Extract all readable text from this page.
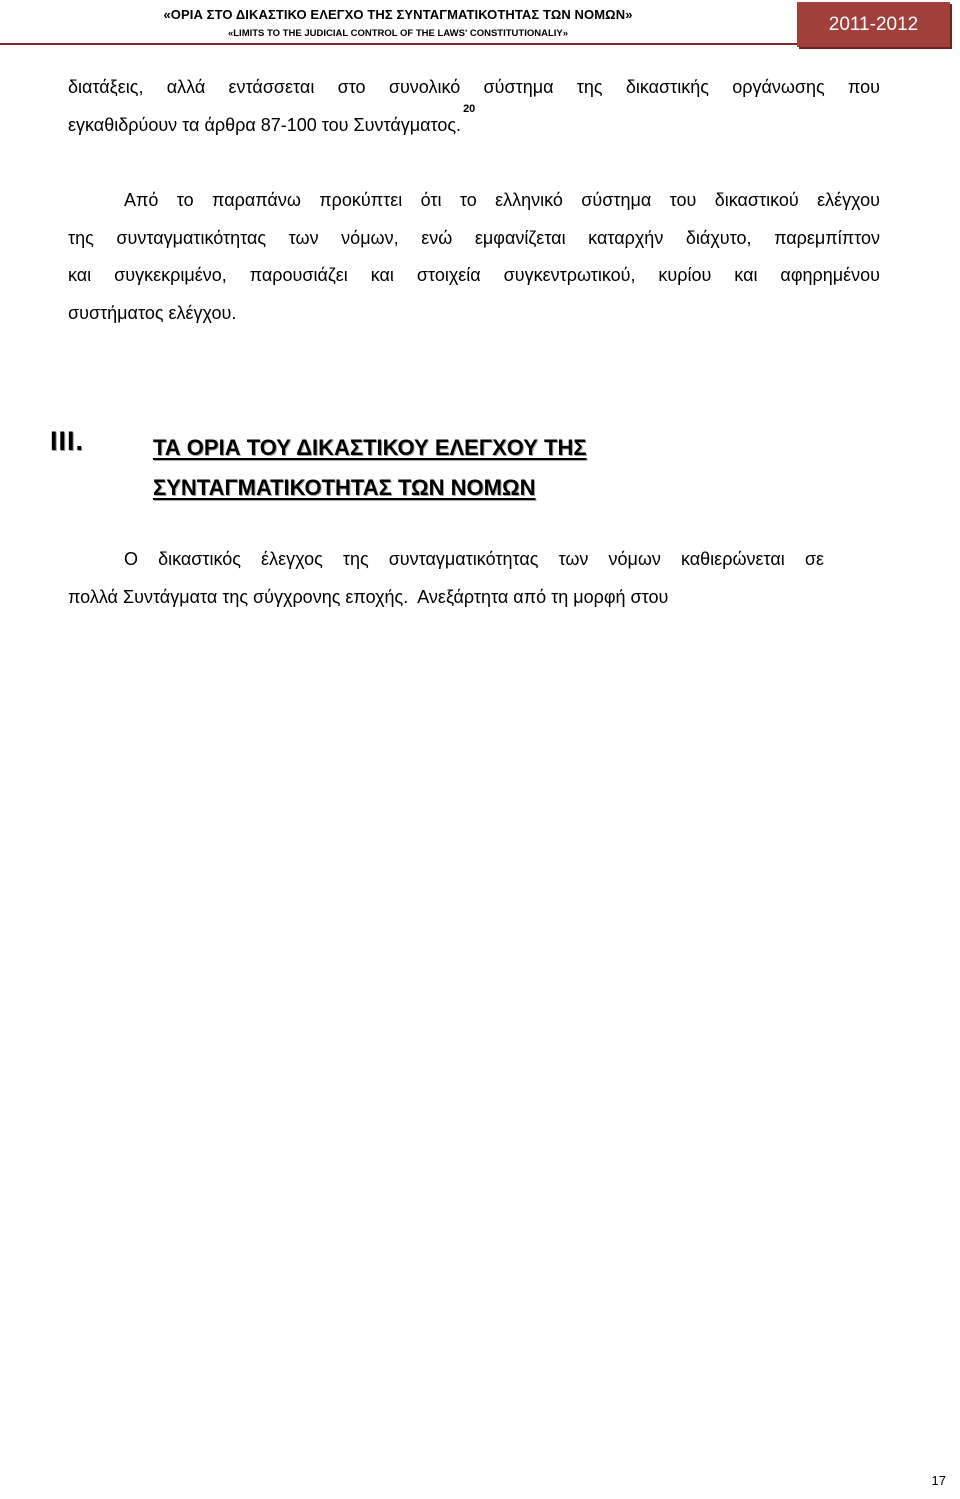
«ΟΡΙΑ ΣΤΟ ΔΙΚΑΣΤΙΚΟ ΕΛΕΓΧΟ ΤΗΣ ΣΥΝΤΑΓΜΑΤΙΚΟΤΗΤΑΣ ΤΩΝ ΝΟΜΩΝ»
«LIMITS TO THE JUDICIAL CONTROL OF THE LAWS' CONSTITUTIONALIY»	2011-2012
διατάξεις, αλλά εντάσσεται στο συνολικό σύστημα της δικαστικής οργάνωσης που
εγκαθιδρύουν τα άρθρα 87-100 του Συντάγματος.$^{20}$
Από το παραπάνω προκύπτει ότι το ελληνικό σύστημα του δικαστικού ελέγχου
της συνταγματικότητας των νόμων, ενώ εμφανίζεται καταρχήν διάχυτο, παρεμπίπτον
και συγκεκριμένο, παρουσιάζει και στοιχεία συγκεντρωτικού, κυρίου και αφηρημένου
συστήματος ελέγχου.
III.	ΤΑ ΟΡΙΑ ΤΟΥ ΔΙΚΑΣΤΙΚΟΥ ΕΛΕΓΧΟΥ ΤΗΣ
ΣΥΝΤΑΓΜΑΤΙΚΟΤΗΤΑΣ ΤΩΝ ΝΟΜΩΝ
Ο δικαστικός έλεγχος της συνταγματικότητας των νόμων καθιερώνεται σε
πολλά Συντάγματα της σύγχρονης εποχής.  Ανεξάρτητα από τη μορφή στου
17
